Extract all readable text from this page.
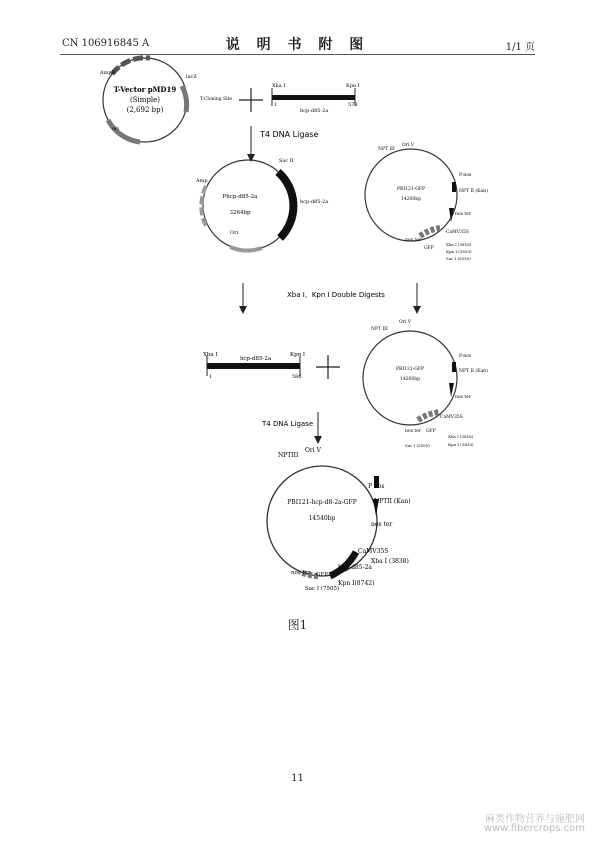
CN 106916845 A	说 明 书 附 图	1/1 页
T-Vector pMD19
(Simple)
(2,692 bp)
AmpR
ori
lacZ
T-Cloning Site
Xba I	Kpn I
1	573
hcp-d85-2a
T4 DNA Ligase
Phcp-d85-2a
3264bp
Amp
Ori
hcp-d85-2a
Sac II
PBI121-GFP
14200bp
NPT III
Ori V
P-nos
NPT II (Kan)
nos ter
CaMV35S
Xba I (3818)
Kpn I (3833)
Sac I (5555)
GFP
nos ter
Xba I、Kpn I Double Digests
Xba I	Kpn I
hcp-d85-2a
1	586
PBI121-GFP
14200bp
NPT III
Ori V
P-nos
NPT II (Kan)
nos ter
CaMV35S
Xba I (3818)
Kpn I (3833)
Sac I (5555)
GFP
nos ter
T4 DNA Ligase
PBI121-hcp-d8-2a-GFP
14540bp
NPTIII
Ori V
P nos
NPTII (Kan)
nos ter
CaMV35S
hcp-d85-2a
Xba I (3838)
Kpn I(8742)
GFP
nos ter
Sac I (7505)
图1
11
麻类作物营养与施肥网
www.fibercrops.com
